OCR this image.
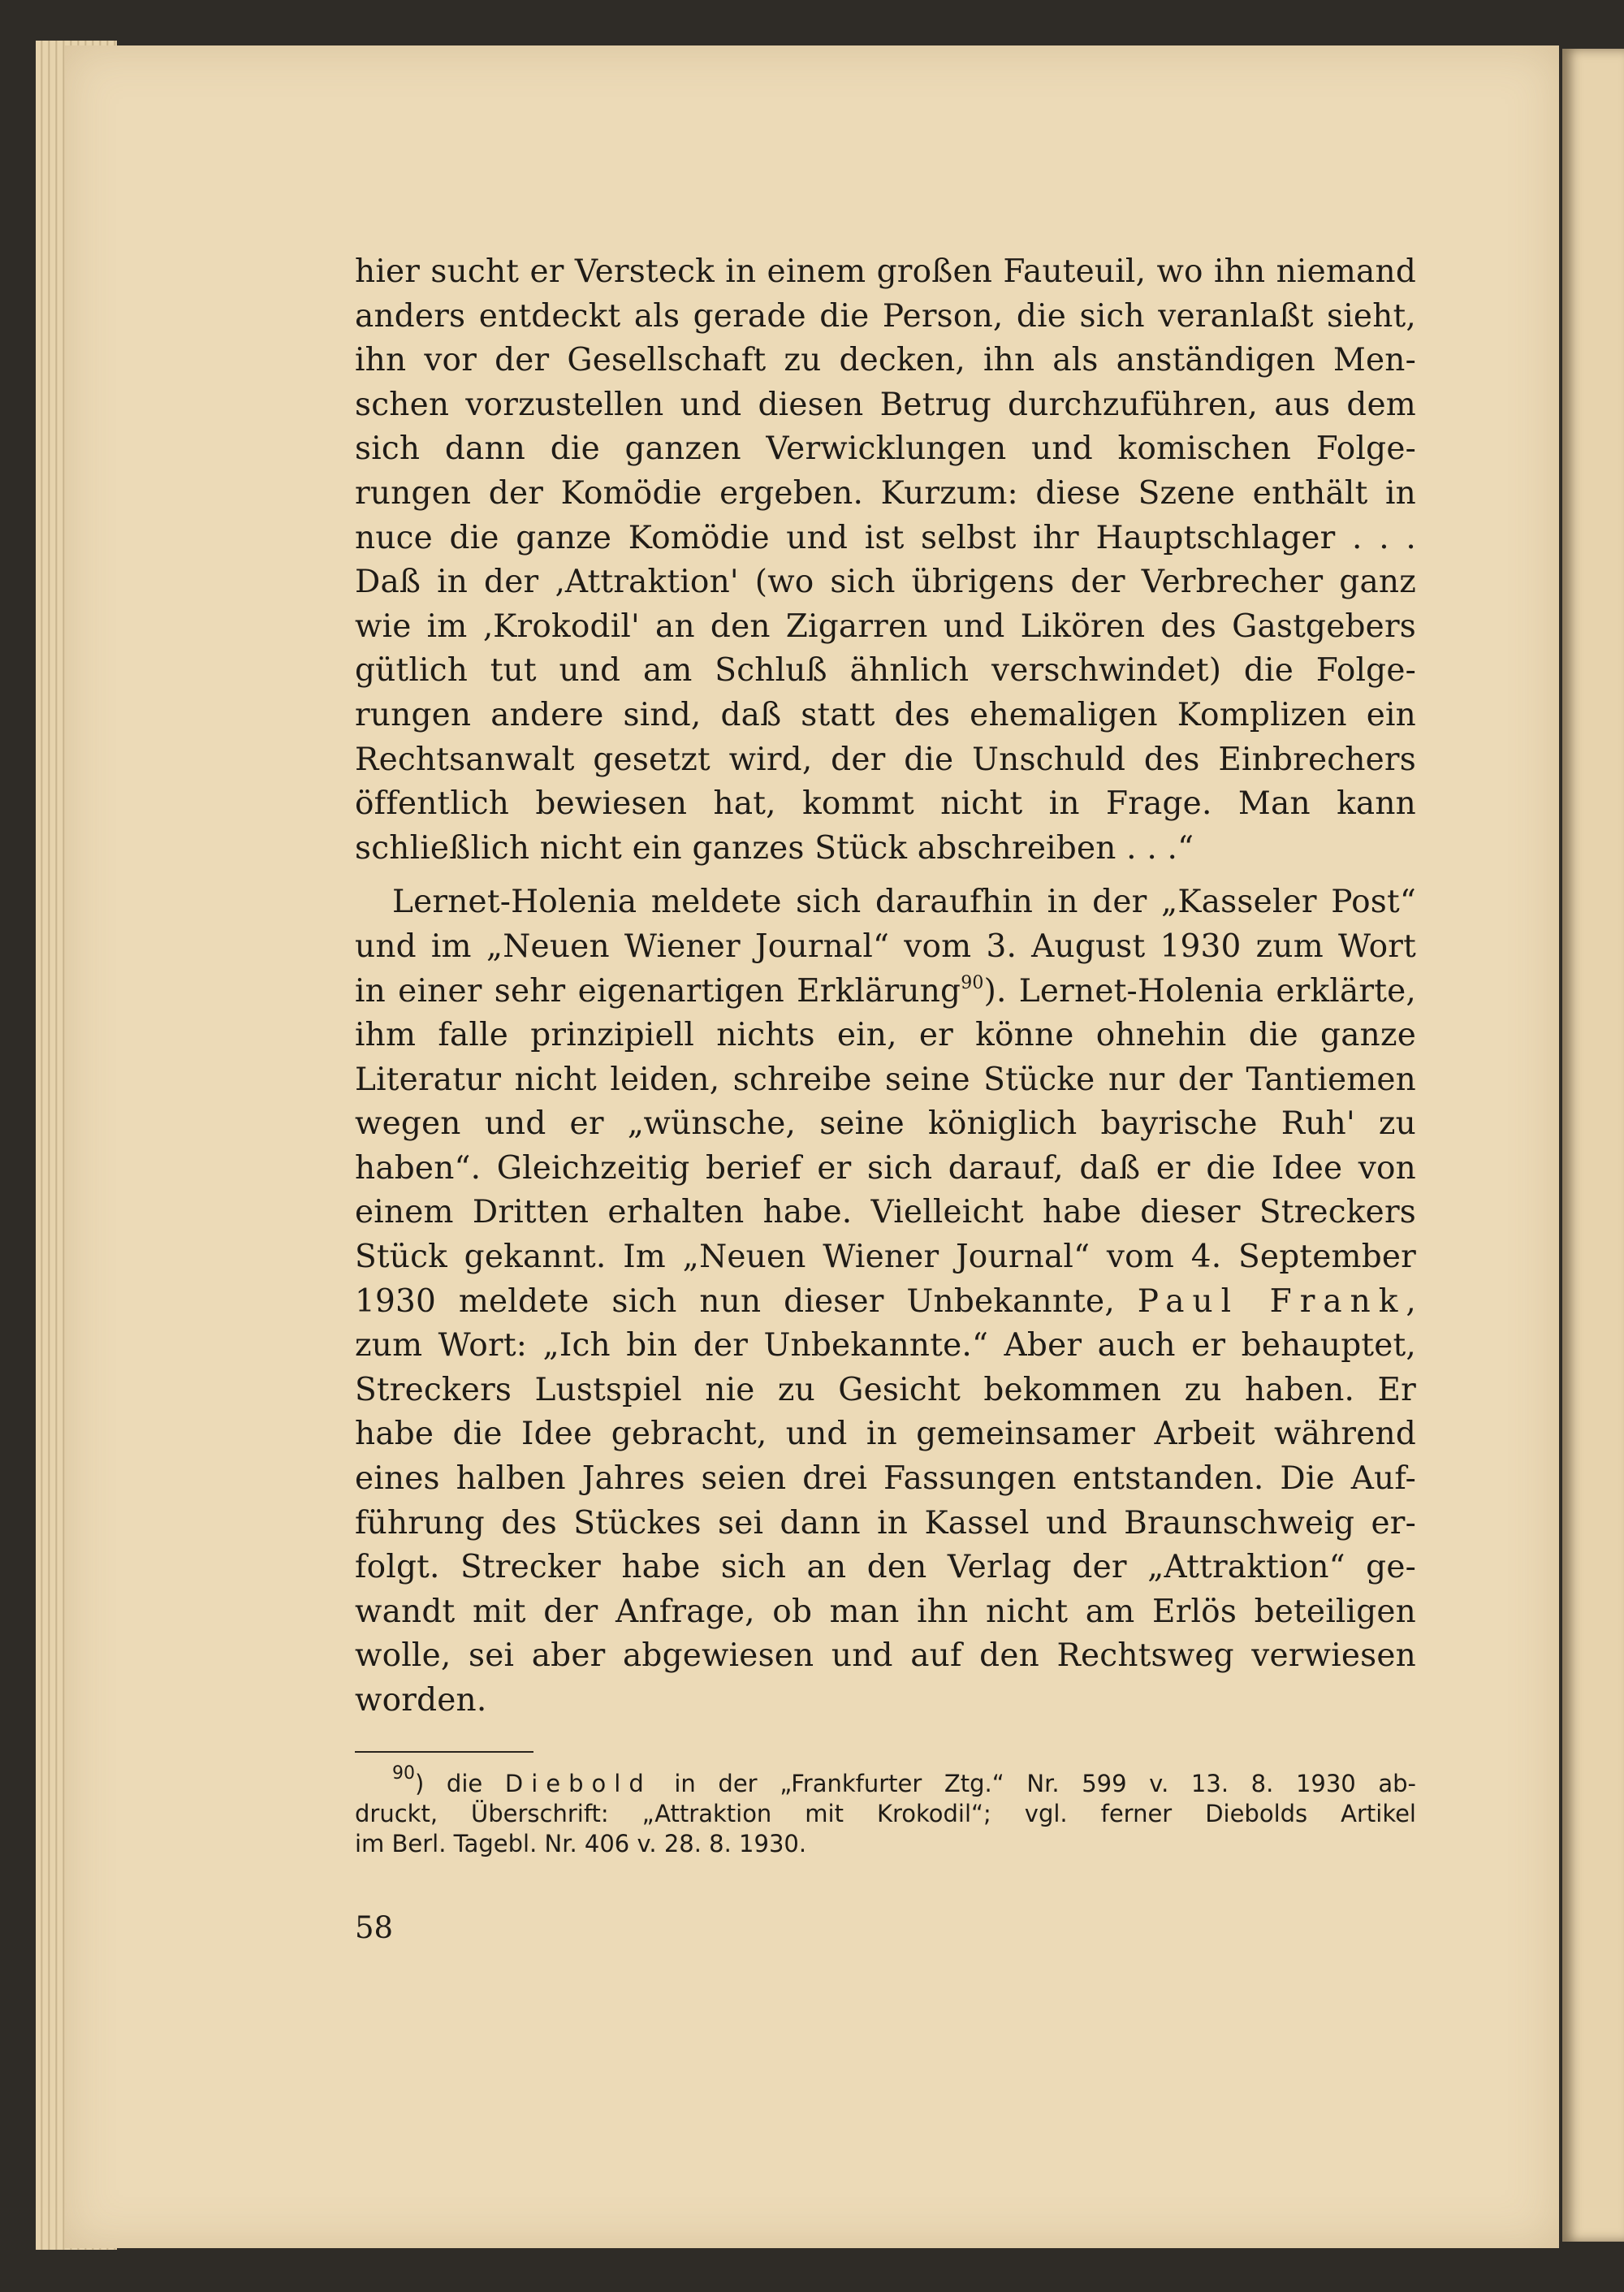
hier sucht er Versteck in einem großen Fauteuil, wo ihn niemand
anders entdeckt als gerade die Person, die sich veranlaßt sieht,
ihn vor der Gesellschaft zu decken, ihn als anständigen Men-
schen vorzustellen und diesen Betrug durchzuführen, aus dem
sich dann die ganzen Verwicklungen und komischen Folge-
rungen der Komödie ergeben. Kurzum: diese Szene enthält in
nuce die ganze Komödie und ist selbst ihr Hauptschlager . . .
Daß in der ‚Attraktion' (wo sich übrigens der Verbrecher ganz
wie im ‚Krokodil' an den Zigarren und Likören des Gastgebers
gütlich tut und am Schluß ähnlich verschwindet) die Folge-
rungen andere sind, daß statt des ehemaligen Komplizen ein
Rechtsanwalt gesetzt wird, der die Unschuld des Einbrechers
öffentlich bewiesen hat, kommt nicht in Frage. Man kann
schließlich nicht ein ganzes Stück abschreiben . . .“
Lernet-Holenia meldete sich daraufhin in der „Kasseler Post“
und im „Neuen Wiener Journal“ vom 3. August 1930 zum Wort
in einer sehr eigenartigen Erklärung$^{90}$). Lernet-Holenia erklärte,
ihm falle prinzipiell nichts ein, er könne ohnehin die ganze
Literatur nicht leiden, schreibe seine Stücke nur der Tantiemen
wegen und er „wünsche, seine königlich bayrische Ruh' zu
haben“. Gleichzeitig berief er sich darauf, daß er die Idee von
einem Dritten erhalten habe. Vielleicht habe dieser Streckers
Stück gekannt. Im „Neuen Wiener Journal“ vom 4. September
1930 meldete sich nun dieser Unbekannte, Paul Frank,
zum Wort: „Ich bin der Unbekannte.“ Aber auch er behauptet,
Streckers Lustspiel nie zu Gesicht bekommen zu haben. Er
habe die Idee gebracht, und in gemeinsamer Arbeit während
eines halben Jahres seien drei Fassungen entstanden. Die Auf-
führung des Stückes sei dann in Kassel und Braunschweig er-
folgt. Strecker habe sich an den Verlag der „Attraktion“ ge-
wandt mit der Anfrage, ob man ihn nicht am Erlös beteiligen
wolle, sei aber abgewiesen und auf den Rechtsweg verwiesen
worden.
$^{90}$) die Diebold in der „Frankfurter Ztg.“ Nr. 599 v. 13. 8. 1930 ab-
druckt, Überschrift: „Attraktion mit Krokodil“; vgl. ferner Diebolds Artikel
im Berl. Tagebl. Nr. 406 v. 28. 8. 1930.
58
